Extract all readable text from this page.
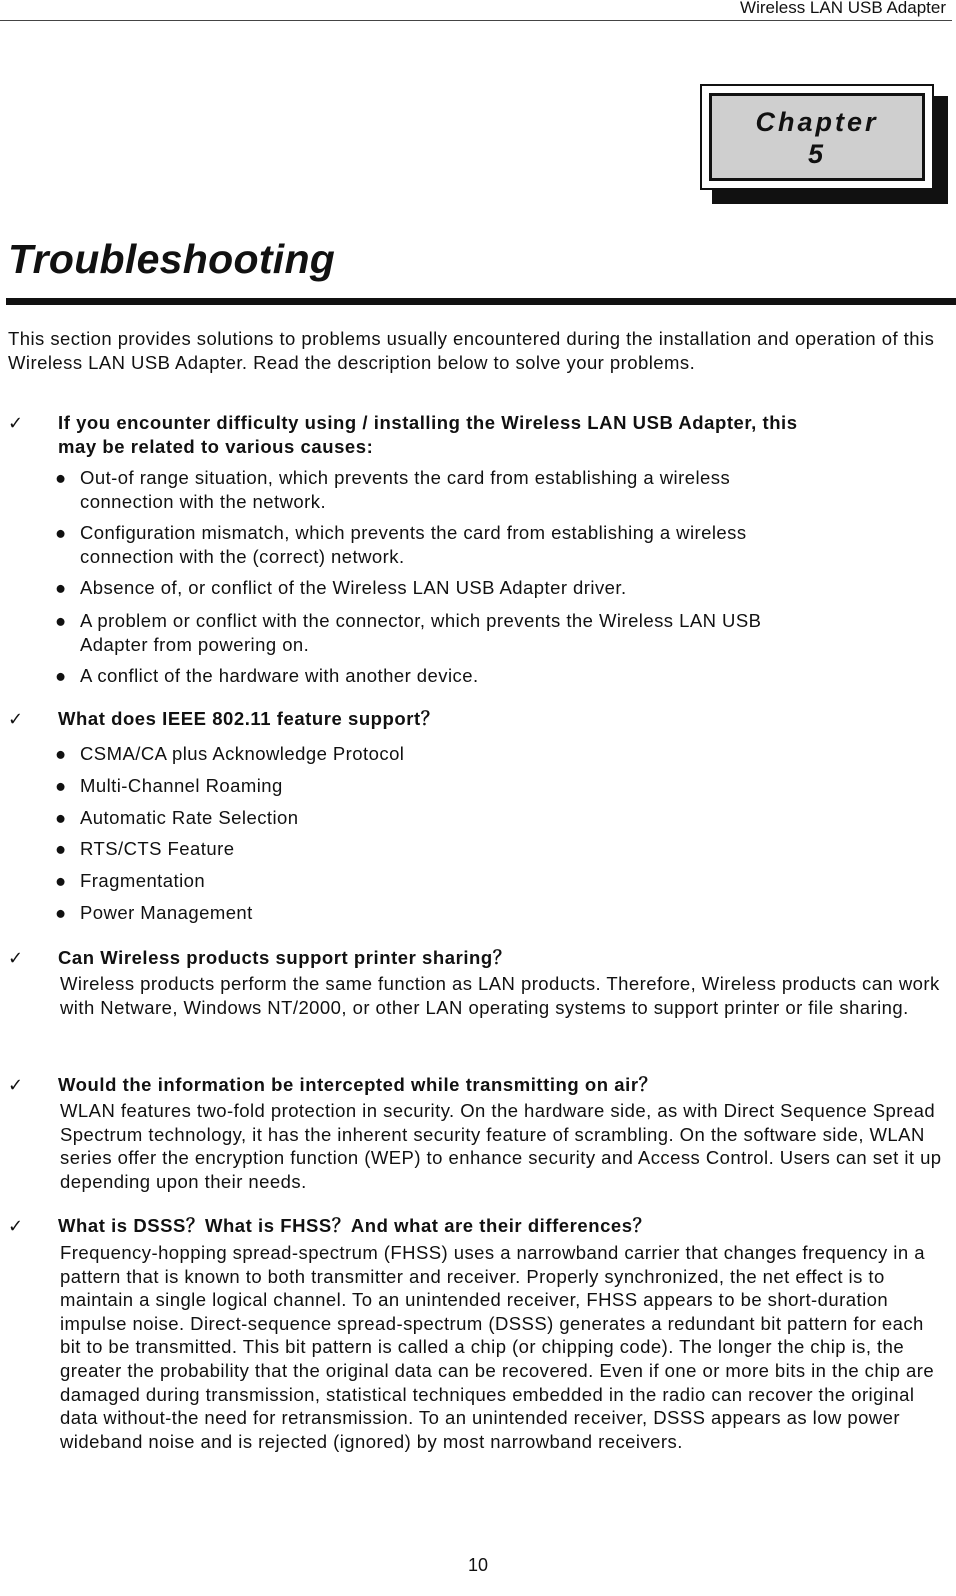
Wireless LAN USB Adapter
Chapter
5
Troubleshooting
This section provides solutions to problems usually encountered during the installation and operation of this Wireless LAN USB Adapter. Read the description below to solve your problems.
✓ If you encounter difficulty using / installing the Wireless LAN USB Adapter, this
may be related to various causes:
● Out-of range situation, which prevents the card from establishing a wireless
connection with the network.
● Configuration mismatch, which prevents the card from establishing a wireless
connection with the (correct) network.
● Absence of, or conflict of the Wireless LAN USB Adapter driver.
● A problem or conflict with the connector, which prevents the Wireless LAN USB
Adapter from powering on.
● A conflict of the hardware with another device.
✓ What does IEEE 802.11 feature support？
● CSMA/CA plus Acknowledge Protocol
● Multi-Channel Roaming
● Automatic Rate Selection
● RTS/CTS Feature
● Fragmentation
● Power Management
✓ Can Wireless products support printer sharing？
Wireless products perform the same function as LAN products. Therefore, Wireless products can work with Netware, Windows NT/2000, or other LAN operating systems to support printer or file sharing.
✓ Would the information be intercepted while transmitting on air？
WLAN features two-fold protection in security. On the hardware side, as with Direct Sequence Spread Spectrum technology, it has the inherent security feature of scrambling. On the software side, WLAN series offer the encryption function (WEP) to enhance security and Access Control. Users can set it up depending upon their needs.
✓ What is DSSS？What is FHSS？And what are their differences？
Frequency-hopping spread-spectrum (FHSS) uses a narrowband carrier that changes frequency in a pattern that is known to both transmitter and receiver. Properly synchronized, the net effect is to maintain a single logical channel. To an unintended receiver, FHSS appears to be short-duration impulse noise. Direct-sequence spread-spectrum (DSSS) generates a redundant bit pattern for each bit to be transmitted. This bit pattern is called a chip (or chipping code). The longer the chip is, the greater the probability that the original data can be recovered. Even if one or more bits in the chip are damaged during transmission, statistical techniques embedded in the radio can recover the original data without-the need for retransmission. To an unintended receiver, DSSS appears as low power wideband noise and is rejected (ignored) by most narrowband receivers.
10
